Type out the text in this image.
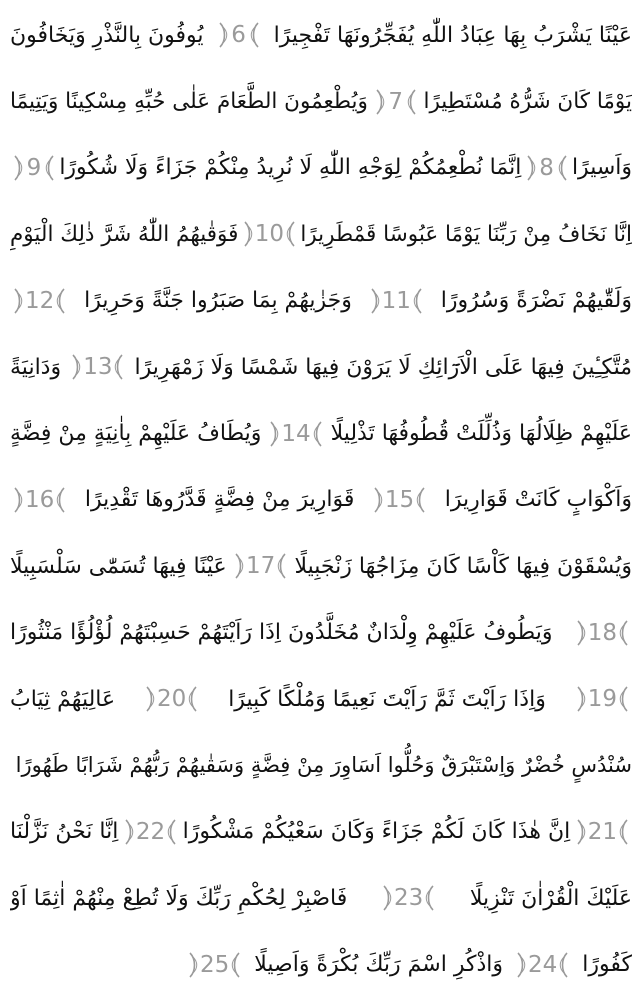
عَيْنًا يَشْرَبُ بِهَا عِبَادُ اللّٰهِ يُفَجِّرُونَهَا تَفْجِيرًا
6
يُوفُونَ بِالنَّذْرِ وَيَخَافُونَ
يَوْمًا كَانَ شَرُّهُ مُسْتَطِيرًا
7
وَيُطْعِمُونَ الطَّعَامَ عَلٰى حُبِّهِ مِسْكِينًا وَيَتِيمًا
وَاَسِيرًا
8
اِنَّمَا نُطْعِمُكُمْ لِوَجْهِ اللّٰهِ لَا نُرِيدُ مِنْكُمْ جَزَاءً وَلَا شُكُورًا
9
اِنَّا نَخَافُ مِنْ رَبِّنَا يَوْمًا عَبُوسًا قَمْطَرِيرًا
10
فَوَقٰيهُمُ اللّٰهُ شَرَّ ذٰلِكَ الْيَوْمِ
وَلَقّٰيهُمْ نَضْرَةً وَسُرُورًا
11
وَجَزٰيهُمْ بِمَا صَبَرُوا جَنَّةً وَحَرِيرًا
12
مُتَّكِـِٔينَ فِيهَا عَلَى الْاَرَٓائِكِ لَا يَرَوْنَ فِيهَا شَمْسًا وَلَا زَمْهَرِيرًا
13
وَدَانِيَةً
عَلَيْهِمْ ظِلَالُهَا وَذُلِّلَتْ قُطُوفُهَا تَذْلِيلًا
14
وَيُطَافُ عَلَيْهِمْ بِاٰنِيَةٍ مِنْ فِضَّةٍ
وَاَكْوَابٍ كَانَتْ قَوَارِيرَا
15
قَوَارِيرَ مِنْ فِضَّةٍ قَدَّرُوهَا تَقْدِيرًا
16
وَيُسْقَوْنَ فِيهَا كَاْسًا كَانَ مِزَاجُهَا زَنْجَبِيلًا
17
عَيْنًا فِيهَا تُسَمّٰى سَلْسَبِيلًا
18
وَيَطُوفُ عَلَيْهِمْ وِلْدَانٌ مُخَلَّدُونَ اِذَا رَاَيْتَهُمْ حَسِبْتَهُمْ لُؤْلُؤًا مَنْثُورًا
19
وَاِذَا رَاَيْتَ ثَمَّ رَاَيْتَ نَعِيمًا وَمُلْكًا كَبِيرًا
20
عَالِيَهُمْ ثِيَابُ
سُنْدُسٍ خُضْرٌ وَاِسْتَبْرَقٌ وَحُلُّوا اَسَاوِرَ مِنْ فِضَّةٍ وَسَقٰيهُمْ رَبُّهُمْ شَرَابًا طَهُورًا
21
اِنَّ هٰذَا كَانَ لَكُمْ جَزَاءً وَكَانَ سَعْيُكُمْ مَشْكُورًا
22
اِنَّا نَحْنُ نَزَّلْنَا
عَلَيْكَ الْقُرْاٰنَ تَنْزِيلًا
23
فَاصْبِرْ لِحُكْمِ رَبِّكَ وَلَا تُطِعْ مِنْهُمْ اٰثِمًا اَوْ
كَفُورًا
24
وَاذْكُرِ اسْمَ رَبِّكَ بُكْرَةً وَاَصِيلًا
25
